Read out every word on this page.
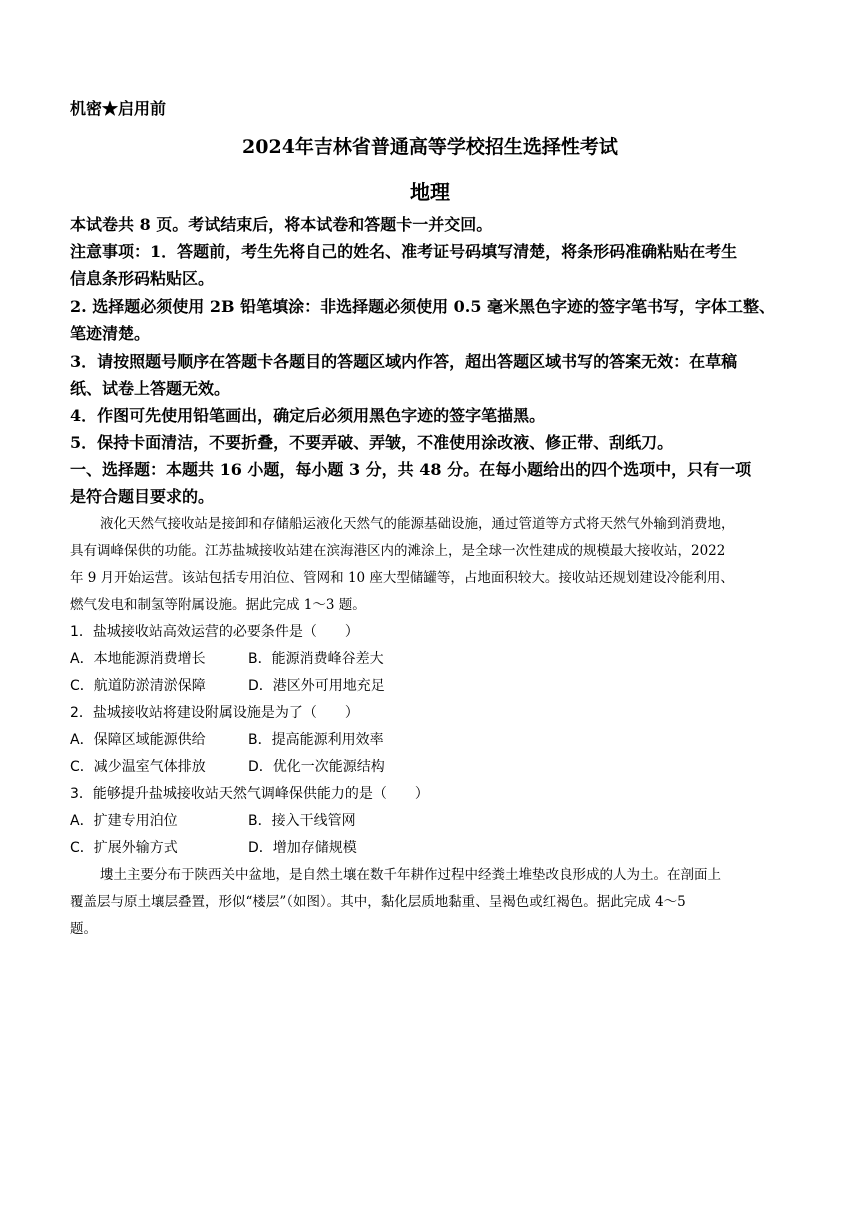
机密★启用前
2024年吉林省普通高等学校招生选择性考试
地理
本试卷共 8 页。考试结束后，将本试卷和答题卡一并交回。
注意事项：1．答题前，考生先将自己的姓名、准考证号码填写清楚，将条形码准确粘贴在考生
信息条形码粘贴区。
2. 选择题必须使用 2B 铅笔填涂：非选择题必须使用 0.5 毫米黑色字迹的签字笔书写，字体工整、
笔迹清楚。
3．请按照题号顺序在答题卡各题目的答题区域内作答，超出答题区域书写的答案无效：在草稿
纸、试卷上答题无效。
4．作图可先使用铅笔画出，确定后必须用黑色字迹的签字笔描黑。
5．保持卡面清洁，不要折叠，不要弄破、弄皱，不准使用涂改液、修正带、刮纸刀。
一、选择题：本题共 16 小题，每小题 3 分，共 48 分。在每小题给出的四个选项中，只有一项
是符合题目要求的。
液化天然气接收站是接卸和存储船运液化天然气的能源基础设施，通过管道等方式将天然气外输到消费地，
具有调峰保供的功能。江苏盐城接收站建在滨海港区内的滩涂上，是全球一次性建成的规模最大接收站，2022
年 9 月开始运营。该站包括专用泊位、管网和 10 座大型储罐等，占地面积较大。接收站还规划建设冷能利用、
燃气发电和制氢等附属设施。据此完成 1～3 题。
1．盐城接收站高效运营的必要条件是（　　）
A．本地能源消费增长	B．能源消费峰谷差大
C．航道防淤清淤保障	D．港区外可用地充足
2．盐城接收站将建设附属设施是为了（　　）
A．保障区域能源供给	B．提高能源利用效率
C．减少温室气体排放	D．优化一次能源结构
3．能够提升盐城接收站天然气调峰保供能力的是（　　）
A．扩建专用泊位	B．接入干线管网
C．扩展外输方式	D．增加存储规模
塿土主要分布于陕西关中盆地，是自然土壤在数千年耕作过程中经粪土堆垫改良形成的人为土。在剖面上
覆盖层与原土壤层叠置，形似“楼层”（如图）。其中，黏化层质地黏重、呈褐色或红褐色。据此完成 4～5
题。
